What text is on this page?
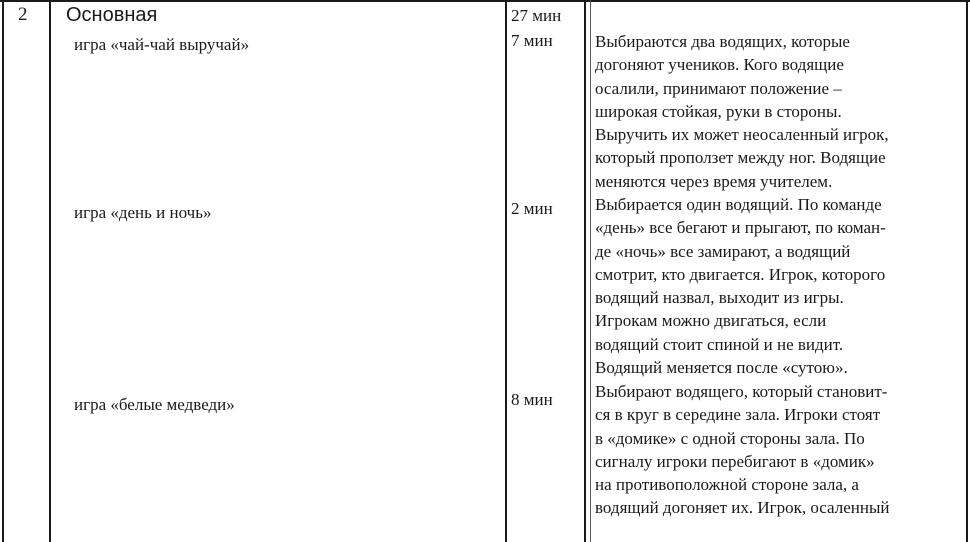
2 Основная	27 мин
игра «чай-чай выручай»	7 мин Выбираются два водящих, которые
догоняют учеников. Кого водящие
осалили, принимают положение –
широкая стойкая, руки в стороны.
Выручить их может неосаленный игрок,
который проползет между ног. Водящие
меняются через время учителем.
игра «день и ночь»	2 мин Выбирается один водящий. По команде
«день» все бегают и прыгают, по коман-
де «ночь» все замирают, а водящий
смотрит, кто двигается. Игрок, которого
водящий назвал, выходит из игры.
Игрокам можно двигаться, если
водящий стоит спиной и не видит.
Водящий меняется после «сутою».
игра «белые медведи»	8 мин Выбирают водящего, который становит-
ся в круг в середине зала. Игроки стоят
в «домике» с одной стороны зала. По
сигналу игроки перебигают в «домик»
на противоположной стороне зала, а
водящий догоняет их. Игрок, осаленный
